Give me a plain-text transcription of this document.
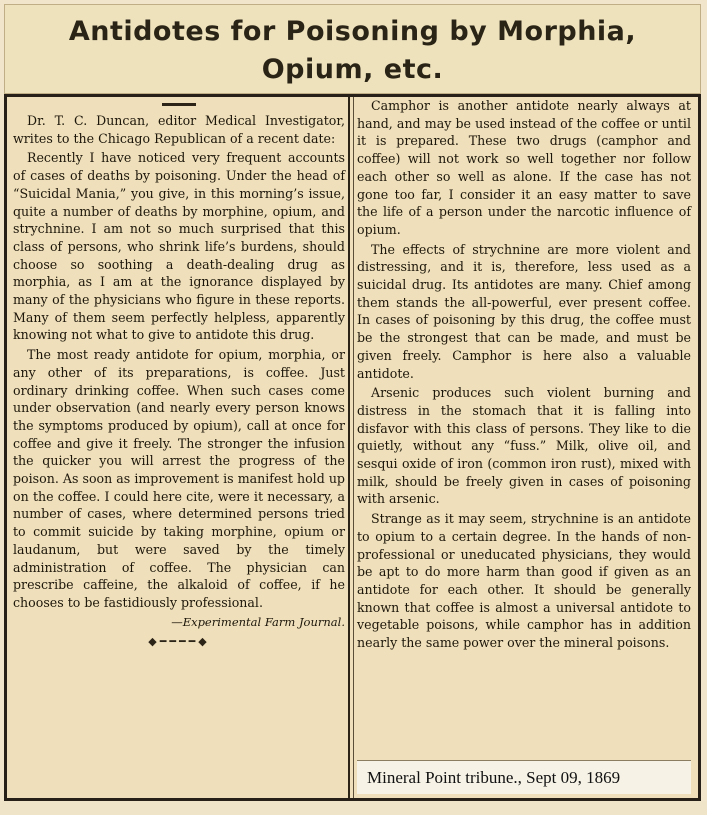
Antidotes for Poisoning by Morphia,
Opium, etc.

Dr. T. C. Duncan, editor Medical Investigator, writes to the Chicago Republican of a recent date:

Recently I have noticed very frequent accounts of cases of deaths by poisoning. Under the head of “Suicidal Mania,” you give, in this morning’s issue, quite a number of deaths by morphine, opium, and strychnine. I am not so much surprised that this class of persons, who shrink life’s burdens, should choose so soothing a death-dealing drug as morphia, as I am at the ignorance displayed by many of the physicians who figure in these reports. Many of them seem perfectly helpless, apparently knowing not what to give to antidote this drug.

The most ready antidote for opium, morphia, or any other of its preparations, is coffee. Just ordinary drinking coffee. When such cases come under observation (and nearly every person knows the symptoms produced by opium), call at once for coffee and give it freely. The stronger the infusion the quicker you will arrest the progress of the poison. As soon as improvement is manifest hold up on the coffee. I could here cite, were it necessary, a number of cases, where determined persons tried to commit suicide by taking morphine, opium or laudanum, but were saved by the timely administration of coffee. The physician can prescribe caffeine, the alkaloid of coffee, if he chooses to be fastidiously professional.

—Experimental Farm Journal.

◆━━━━◆

Camphor is another antidote nearly always at hand, and may be used instead of the coffee or until it is prepared. These two drugs (camphor and coffee) will not work so well together nor follow each other so well as alone. If the case has not gone too far, I consider it an easy matter to save the life of a person under the narcotic influence of opium.

The effects of strychnine are more violent and distressing, and it is, therefore, less used as a suicidal drug. Its antidotes are many. Chief among them stands the all-powerful, ever present coffee. In cases of poisoning by this drug, the coffee must be the strongest that can be made, and must be given freely. Camphor is here also a valuable antidote.

Arsenic produces such violent burning and distress in the stomach that it is falling into disfavor with this class of persons. They like to die quietly, without any “fuss.” Milk, olive oil, and sesqui oxide of iron (common iron rust), mixed with milk, should be freely given in cases of poisoning with arsenic.

Strange as it may seem, strychnine is an antidote to opium to a certain degree. In the hands of non-professional or uneducated physicians, they would be apt to do more harm than good if given as an antidote for each other. It should be generally known that coffee is almost a universal antidote to vegetable poisons, while camphor has in addition nearly the same power over the mineral poisons.

Mineral Point tribune., Sept 09, 1869
